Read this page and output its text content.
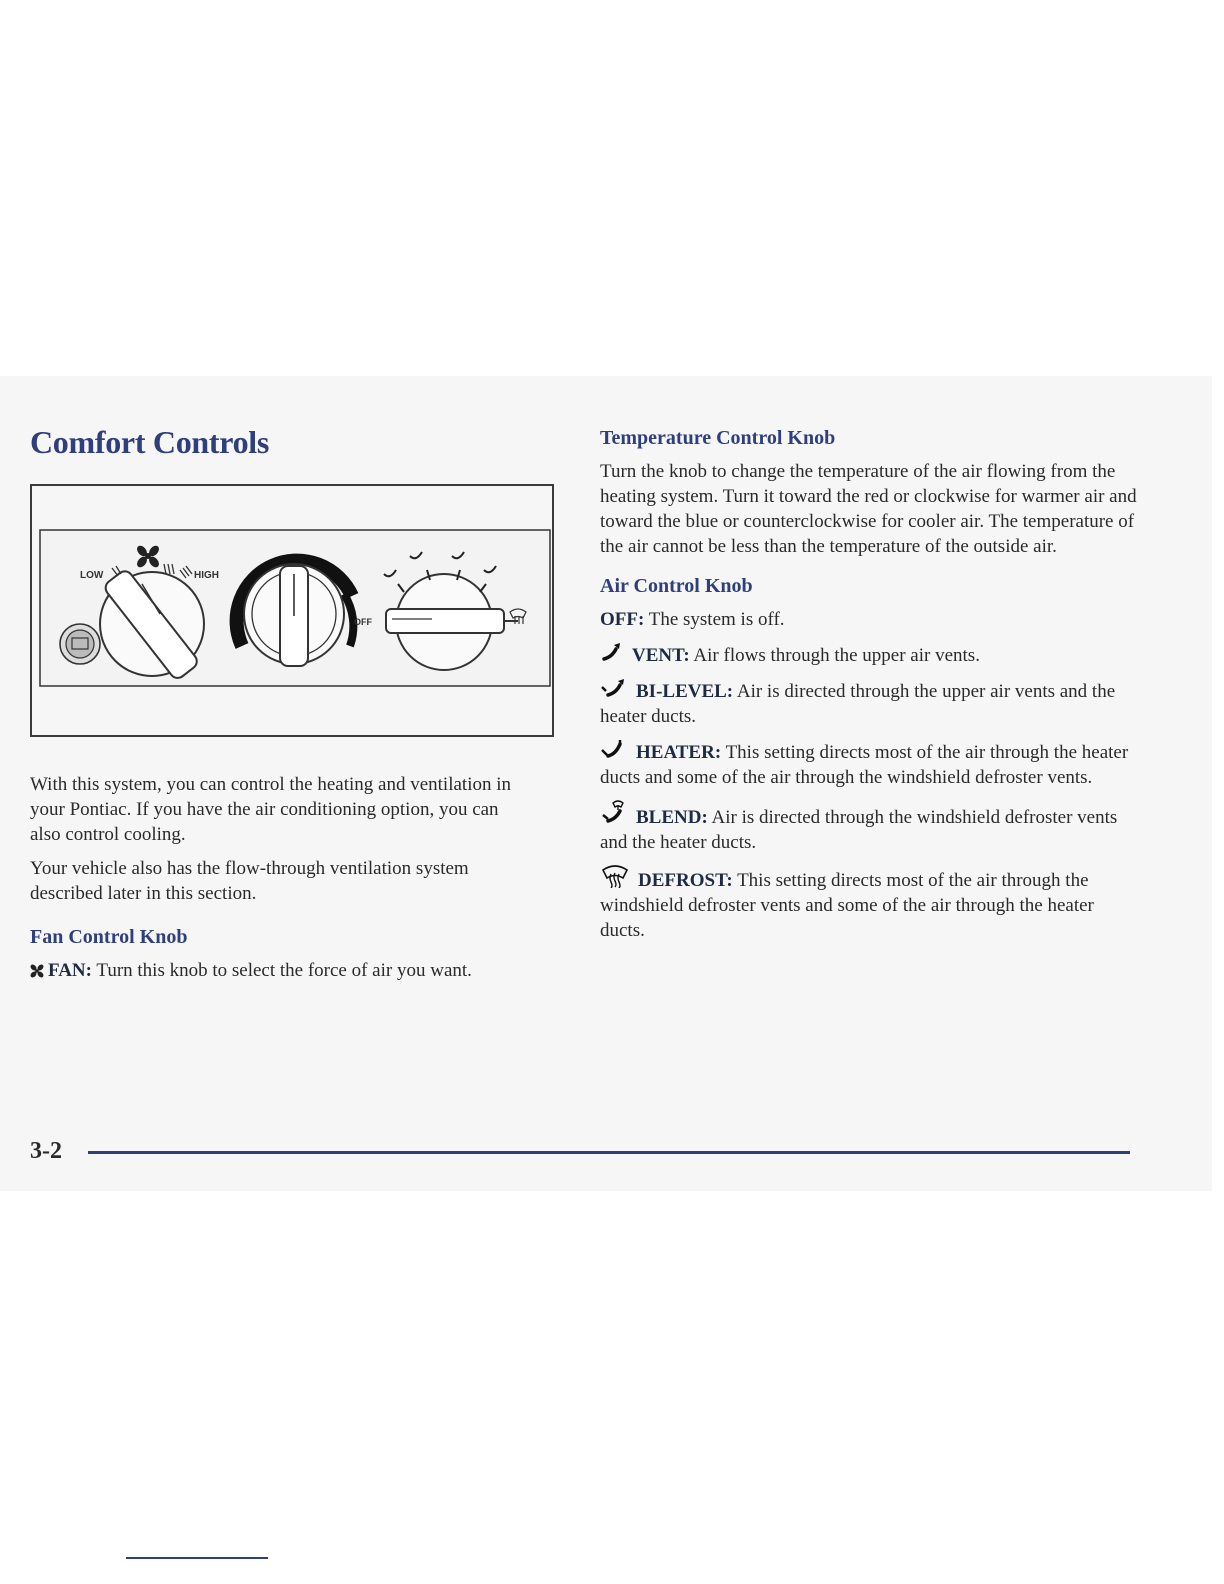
Comfort Controls
LOW	HIGH
OFF

With this system, you can control the heating and ventilation in your Pontiac. If you have the air conditioning option, you can also control cooling.

Your vehicle also has the flow-through ventilation system described later in this section.

Fan Control Knob

FAN: Turn this knob to select the force of air you want.

Temperature Control Knob

Turn the knob to change the temperature of the air flowing from the heating system. Turn it toward the red or clockwise for warmer air and toward the blue or counterclockwise for cooler air. The temperature of the air cannot be less than the temperature of the outside air.

Air Control Knob

OFF: The system is off.

VENT: Air flows through the upper air vents.

BI-LEVEL: Air is directed through the upper air vents and the heater ducts.

HEATER: This setting directs most of the air through the heater ducts and some of the air through the windshield defroster vents.

BLEND: Air is directed through the windshield defroster vents and the heater ducts.

DEFROST: This setting directs most of the air through the windshield defroster vents and some of the air through the heater ducts.

3-2
